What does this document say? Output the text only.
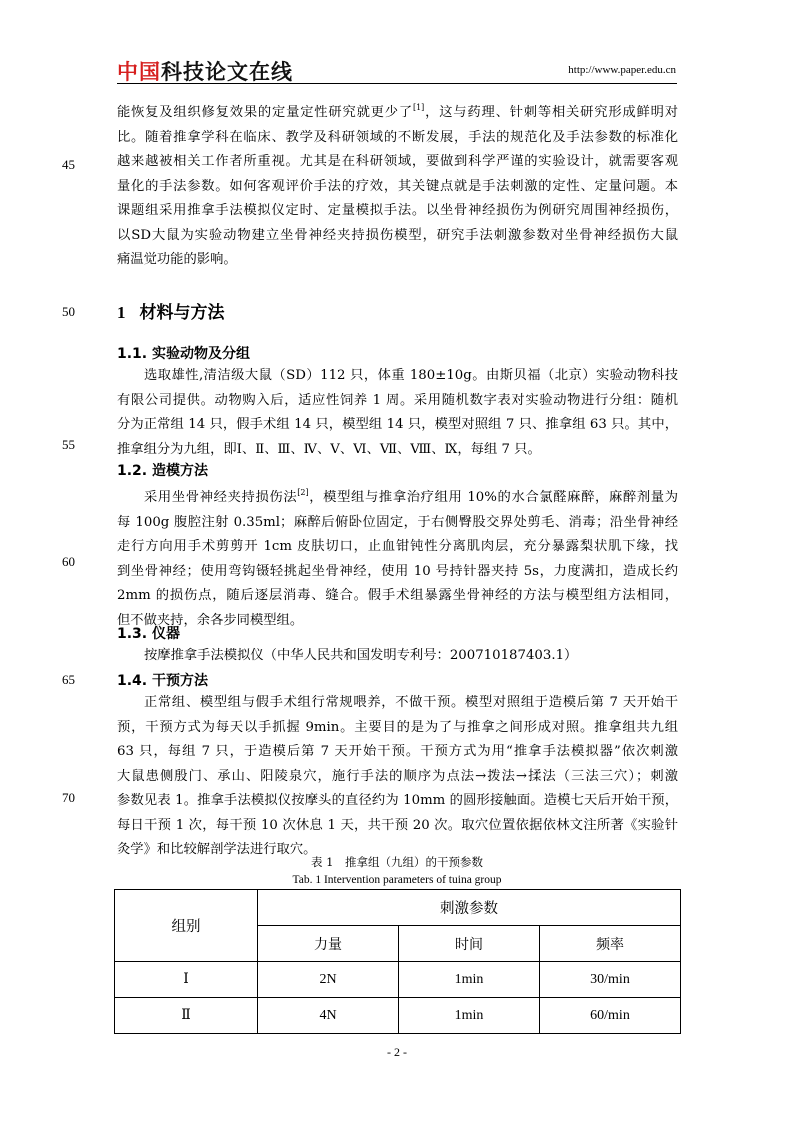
中国科技论文在线	http://www.paper.edu.cn
45
50
55
60
65
70
能恢复及组织修复效果的定量定性研究就更少了[1]，这与药理、针刺等相关研究形成鲜明对
比。随着推拿学科在临床、教学及科研领域的不断发展，手法的规范化及手法参数的标准化
越来越被相关工作者所重视。尤其是在科研领域，要做到科学严谨的实验设计，就需要客观
量化的手法参数。如何客观评价手法的疗效，其关键点就是手法刺激的定性、定量问题。本
课题组采用推拿手法模拟仪定时、定量模拟手法。以坐骨神经损伤为例研究周围神经损伤，
以SD大鼠为实验动物建立坐骨神经夹持损伤模型，研究手法刺激参数对坐骨神经损伤大鼠
痛温觉功能的影响。
1 材料与方法
1.1. 实验动物及分组
选取雄性,清洁级大鼠（SD）112 只，体重 180±10g。由斯贝福（北京）实验动物科技
有限公司提供。动物购入后，适应性饲养 1 周。采用随机数字表对实验动物进行分组：随机
分为正常组 14 只，假手术组 14 只，模型组 14 只，模型对照组 7 只、推拿组 63 只。其中，
推拿组分为九组，即Ⅰ、Ⅱ、Ⅲ、Ⅳ、Ⅴ、Ⅵ、Ⅶ、Ⅷ、Ⅸ，每组 7 只。
1.2. 造模方法
采用坐骨神经夹持损伤法[2]，模型组与推拿治疗组用 10%的水合氯醛麻醉，麻醉剂量为
每 100g 腹腔注射 0.35ml；麻醉后俯卧位固定，于右侧臀股交界处剪毛、消毒；沿坐骨神经
走行方向用手术剪剪开 1cm 皮肤切口，止血钳钝性分离肌肉层，充分暴露梨状肌下缘，找
到坐骨神经；使用弯钩镊轻挑起坐骨神经，使用 10 号持针器夹持 5s，力度满扣，造成长约
2mm 的损伤点，随后逐层消毒、缝合。假手术组暴露坐骨神经的方法与模型组方法相同，
但不做夹持，余各步同模型组。
1.3. 仪器
按摩推拿手法模拟仪（中华人民共和国发明专利号：200710187403.1）
1.4. 干预方法
正常组、模型组与假手术组行常规喂养，不做干预。模型对照组于造模后第 7 天开始干
预，干预方式为每天以手抓握 9min。主要目的是为了与推拿之间形成对照。推拿组共九组
63 只，每组 7 只，于造模后第 7 天开始干预。干预方式为用“推拿手法模拟器”依次刺激
大鼠患侧殷门、承山、阳陵泉穴，施行手法的顺序为点法→拨法→揉法（三法三穴）；刺激
参数见表 1。推拿手法模拟仪按摩头的直径约为 10mm 的圆形接触面。造模七天后开始干预，
每日干预 1 次，每干预 10 次休息 1 天，共干预 20 次。取穴位置依据依林文注所著《实验针
灸学》和比较解剖学法进行取穴。
表 1　推拿组（九组）的干预参数
Tab. 1 Intervention parameters of tuina group
组别	刺激参数		
	力量	时间	频率
Ⅰ	2N	1min	30/min
Ⅱ	4N	1min	60/min
- 2 -
